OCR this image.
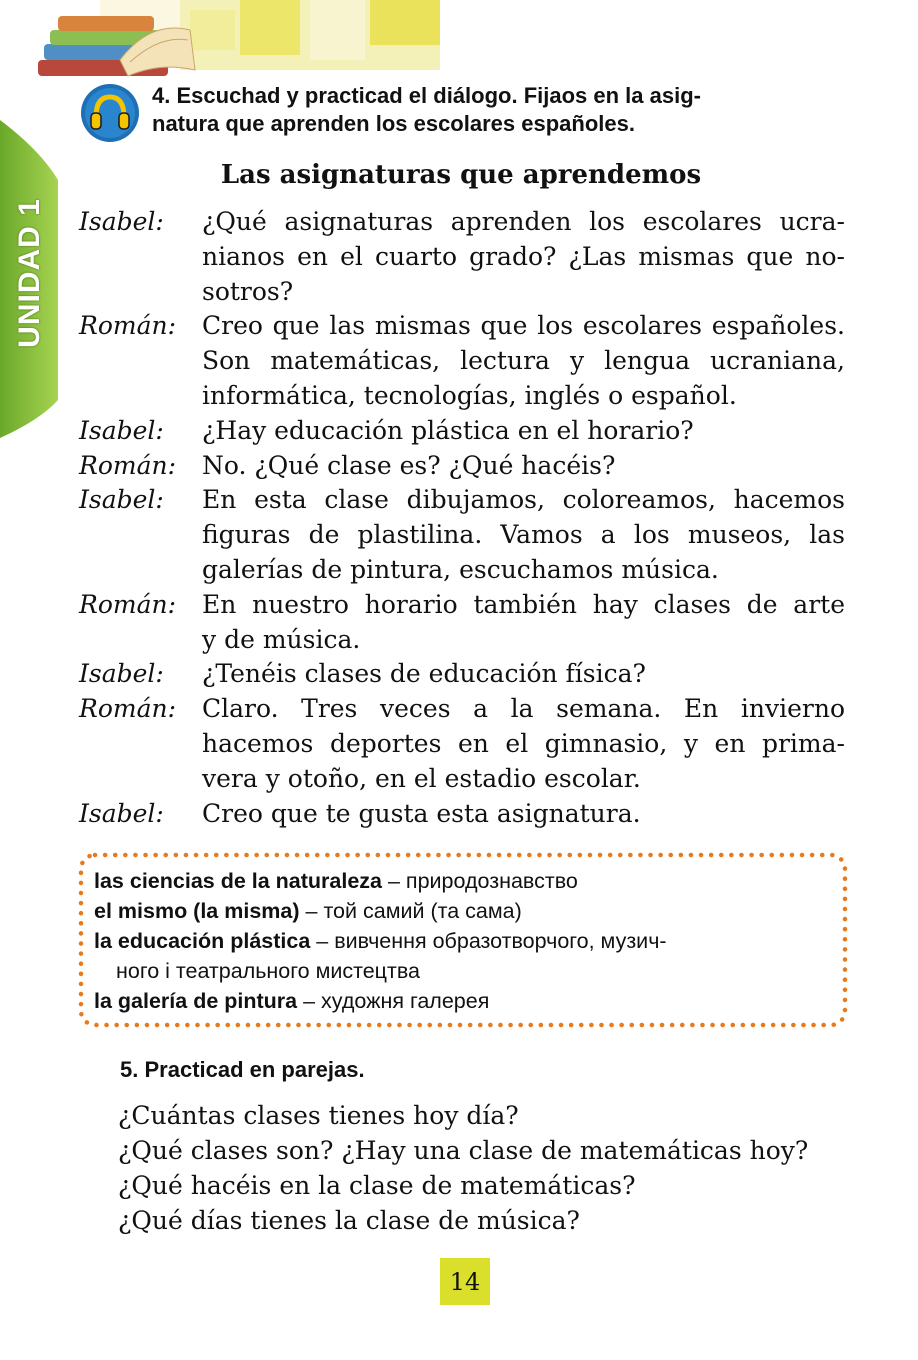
UNIDAD 1
4. Escuchad y practicad el diálogo. Fijaos en la asig-
natura que aprenden los escolares españoles.
Las asignaturas que aprendemos
Isabel:	¿Qué asignaturas aprenden los escolares ucra-
nianos en el cuarto grado? ¿Las mismas que no-
sotros?
Román:	Creo que las mismas que los escolares españoles.
Son matemáticas, lectura y lengua ucraniana,
informática, tecnologías, inglés o español.
Isabel:	¿Hay educación plástica en el horario?
Román:	No. ¿Qué clase es? ¿Qué hacéis?
Isabel:	En esta clase dibujamos, coloreamos, hacemos
figuras de plastilina. Vamos a los museos, las
galerías de pintura, escuchamos música.
Román:	En nuestro horario también hay clases de arte
y de música.
Isabel:	¿Tenéis clases de educación física?
Román:	Claro. Tres veces a la semana. En invierno
hacemos deportes en el gimnasio, y en prima-
vera y otoño, en el estadio escolar.
Isabel:	Creo que te gusta esta asignatura.
las ciencias de la naturaleza – природознавство
el mismo (la misma) – той самий (та сама)
la educación plástica – вивчення образотворчого, музич-
ного і театрального мистецтва
la galería de pintura – художня галерея
5. Practicad en parejas.
¿Cuántas clases tienes hoy día?
¿Qué clases son? ¿Hay una clase de matemáticas hoy?
¿Qué hacéis en la clase de matemáticas?
¿Qué días tienes la clase de música?
14
